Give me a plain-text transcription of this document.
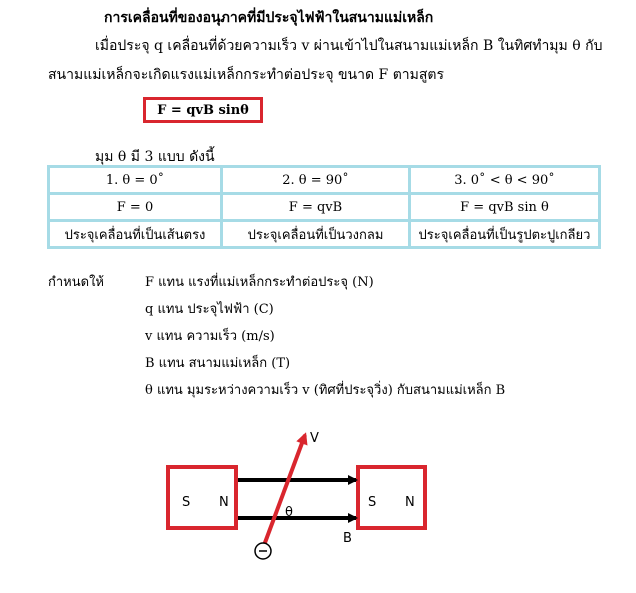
การเคลื่อนที่ของอนุภาคที่มีประจุไฟฟ้าในสนามแม่เหล็ก
เมื่อประจุ q เคลื่อนที่ด้วยความเร็ว v ผ่านเข้าไปในสนามแม่เหล็ก B ในทิศทำมุม θ กับ
สนามแม่เหล็กจะเกิดแรงแม่เหล็กกระทำต่อประจุ ขนาด F ตามสูตร
F = qvB sinθ
มุม θ มี 3 แบบ ดังนี้
1. θ = 0˚	2. θ = 90˚	3. 0˚ < θ < 90˚
F = 0	F = qvB	F = qvB sin θ
ประจุเคลื่อนที่เป็นเส้นตรง	ประจุเคลื่อนที่เป็นวงกลม	ประจุเคลื่อนที่เป็นรูปตะปูเกลียว
กำหนดให้	F แทน แรงที่แม่เหล็กกระทำต่อประจุ (N)
q แทน ประจุไฟฟ้า (C)
v แทน ความเร็ว (m/s)
B แทน สนามแม่เหล็ก (T)
θ แทน มุมระหว่างความเร็ว v (ทิศที่ประจุวิ่ง) กับสนามแม่เหล็ก B
S N	S N
V
θ
B
